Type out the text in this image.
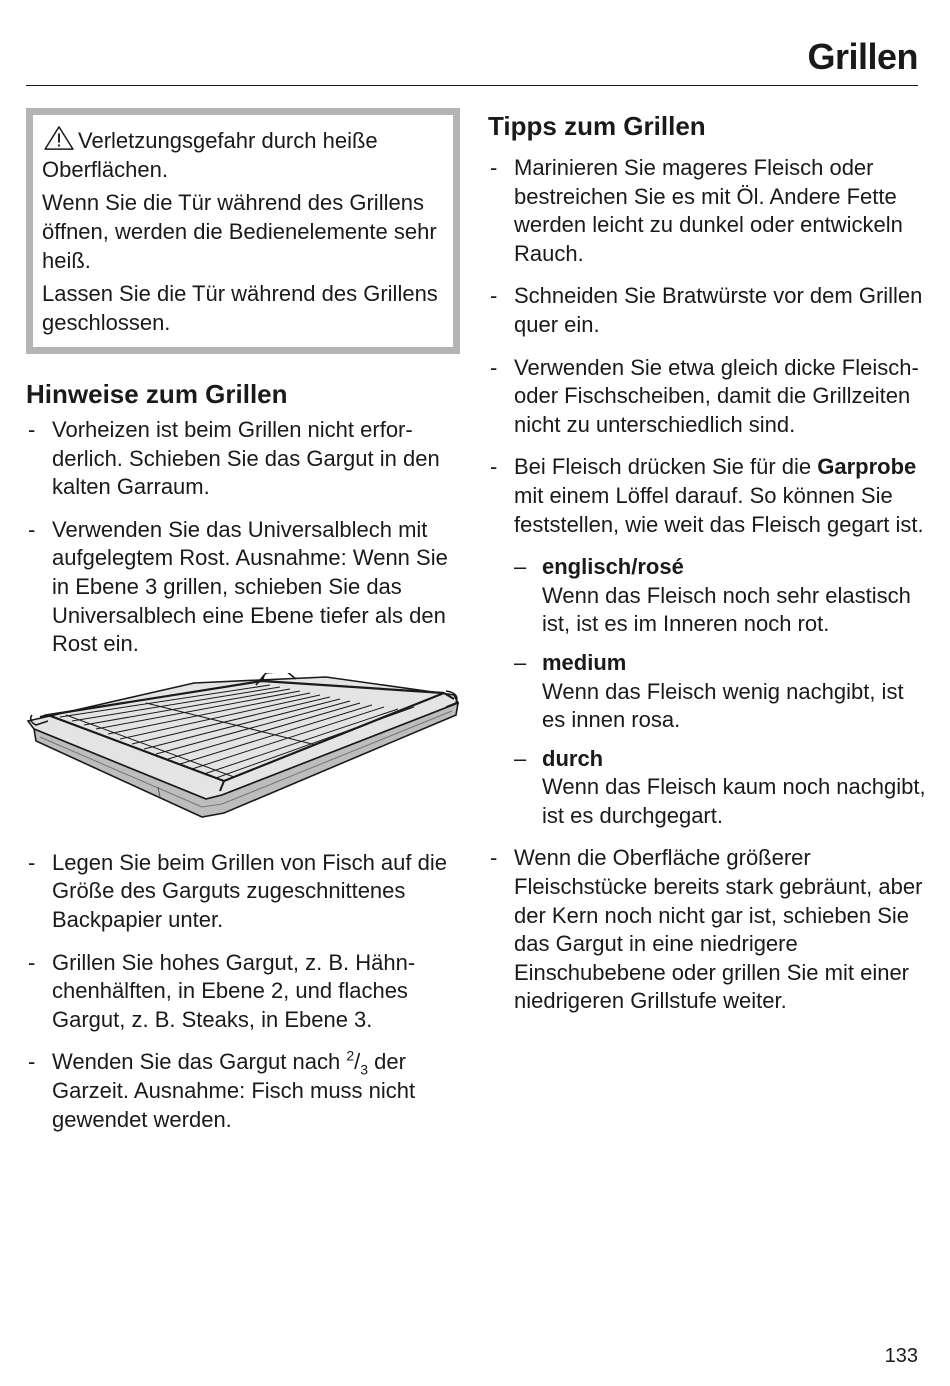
Grillen

Verletzungsgefahr durch heiße Oberflächen.

Wenn Sie die Tür während des Grillens öffnen, werden die Bedienelemente sehr heiß.

Lassen Sie die Tür während des Grillens geschlossen.

Hinweise zum Grillen
- Vorheizen ist beim Grillen nicht erforderlich. Schieben Sie das Gargut in den kalten Garraum.
- Verwenden Sie das Universalblech mit aufgelegtem Rost. Ausnahme: Wenn Sie in Ebene 3 grillen, schieben Sie das Universalblech eine Ebene tiefer als den Rost ein.
- Legen Sie beim Grillen von Fisch auf die Größe des Garguts zugeschnittenes Backpapier unter.
- Grillen Sie hohes Gargut, z. B. Hähnchenhälften, in Ebene 2, und flaches Gargut, z. B. Steaks, in Ebene 3.
- Wenden Sie das Gargut nach $^2/_3$ der Garzeit. Ausnahme: Fisch muss nicht gewendet werden.
Tipps zum Grillen
- Marinieren Sie mageres Fleisch oder bestreichen Sie es mit Öl. Andere Fette werden leicht zu dunkel oder entwickeln Rauch.
- Schneiden Sie Bratwürste vor dem Grillen quer ein.
- Verwenden Sie etwa gleich dicke Fleisch- oder Fischscheiben, damit die Grillzeiten nicht zu unterschiedlich sind.
- Bei Fleisch drücken Sie für die Garprobe mit einem Löffel darauf. So können Sie feststellen, wie weit das Fleisch gegart ist.
– englisch/rosé
Wenn das Fleisch noch sehr elastisch ist, ist es im Inneren noch rot.
– medium
Wenn das Fleisch wenig nachgibt, ist es innen rosa.
– durch
Wenn das Fleisch kaum noch nachgibt, ist es durchgegart.
- Wenn die Oberfläche größerer Fleischstücke bereits stark gebräunt, aber der Kern noch nicht gar ist, schieben Sie das Gargut in eine niedrigere Einschubebene oder grillen Sie mit einer niedrigeren Grillstufe weiter.
133
